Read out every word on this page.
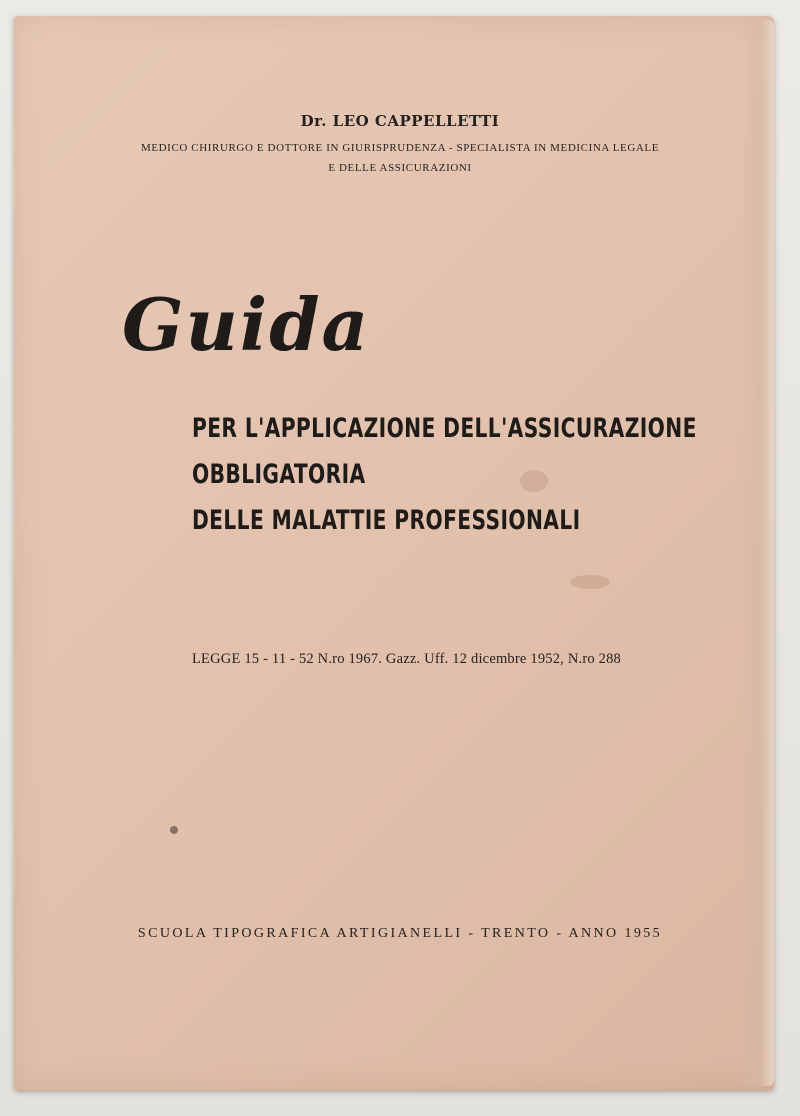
Dr. LEO CAPPELLETTI
MEDICO CHIRURGO E DOTTORE IN GIURISPRUDENZA - SPECIALISTA IN MEDICINA LEGALE
E DELLE ASSICURAZIONI
Guida
PER L'APPLICAZIONE DELL'ASSICURAZIONE
OBBLIGATORIA
DELLE MALATTIE PROFESSIONALI
LEGGE 15 - 11 - 52 N.ro 1967. Gazz. Uff. 12 dicembre 1952, N.ro 288
SCUOLA TIPOGRAFICA ARTIGIANELLI - TRENTO - ANNO 1955
